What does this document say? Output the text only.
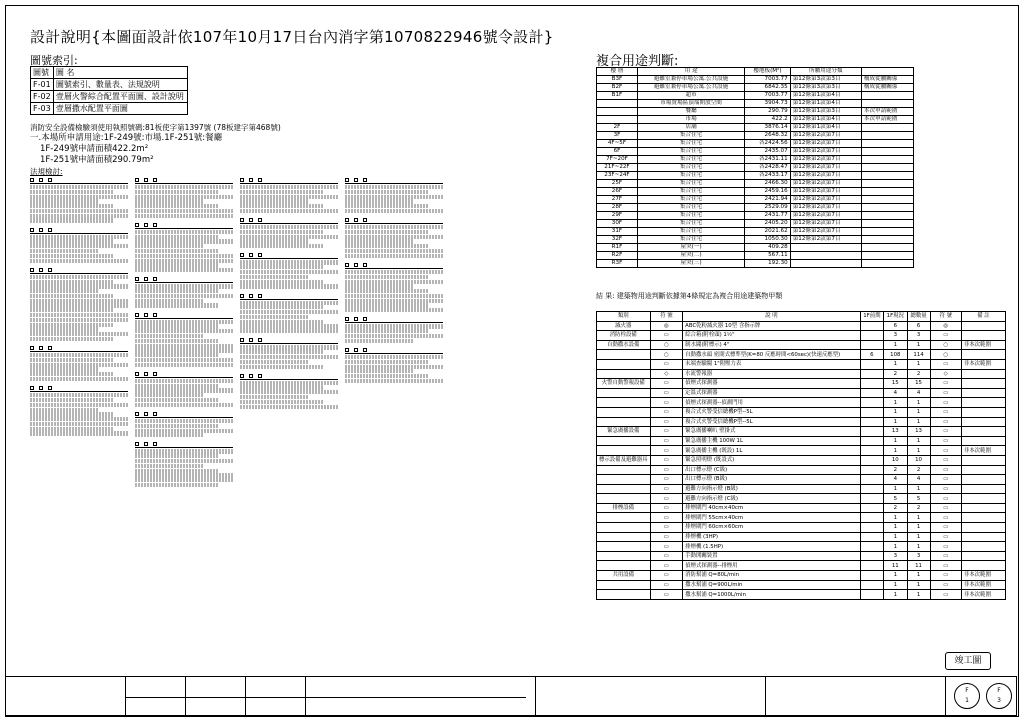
設計說明{本圖面設計依107年10月17日台內消字第1070822946號令設計}
圖號索引:
圖號	圖 名
F-01	圖號索引、數量表、法規說明
F-02	壹層火警綜合配置平面圖、設計說明
F-03	壹層撒水配置平面圖
消防安全設備檢驗須使用執照號碼:81板使字第1397號 (78板建字第468號)
一.本場所申請用途:1F-249號:市場.1F-251號:餐廳
1F-249號申請面積422.2m²
1F-251號申請面積290.79m²
法規檢討:
複合用途判斷:
樓 層	用 途	樓地板(M²)	所屬用途分類	
B3F	避難室兼停車場公寓.公共設施	7003.77	第12條第3款第3目	構成從屬關係
B2F	避難室兼停車場公寓.公共設施	6842.35	第12條第3款第3目	構成從屬關係
B1F	超市	7003.77	第12條第1款第4目	
	市場賣場區頂端開放空間	3904.73	第12條第1款第4目	
	餐廳	290.79	第12條第1款第3目	本次申請範圍
	市場	422.2	第12條第1款第4目	本次申請範圍
2F	店舖	3876.14	第12條第1款第4目	
3F	集合住宅	2648.32	第12條第2款第7目	
4F~5F	集合住宅	各2424.56	第12條第2款第7目	
6F	集合住宅	2435.07	第12條第2款第7目	
7F~20F	集合住宅	各2431.11	第12條第2款第7目	
21F~22F	集合住宅	各2428.47	第12條第2款第7目	
23F~24F	集合住宅	各2433.17	第12條第2款第7目	
25F	集合住宅	2466.30	第12條第2款第7目	
26F	集合住宅	2459.16	第12條第2款第7目	
27F	集合住宅	2421.94	第12條第2款第7目	
28F	集合住宅	2529.09	第12條第2款第7目	
29F	集合住宅	2431.77	第12條第2款第7目	
30F	集合住宅	2405.20	第12條第2款第7目	
31F	集合住宅	2021.62	第12條第2款第7目	
32F	集合住宅	1050.30	第12條第2款第7目	
R1F	屋突(一)	409.28		
R2F	屋突(二)	567.11		
R3F	屋突(三)	192.30		
結 果: 建築物用途判斷依據第4條規定為複合用途建築物甲類
類別	符 號	說 明	1F前期	1F現況	總數量	符 號	備 註
滅火器	◎	ABC乾粉滅火器 10型 含指示牌		6	6	◎	
消防栓設備	▭	綜合箱(附栓頭) 1½"		3	3	▭	
自動撒水設備	○	制水閥(附標示) 4"		1	1	○	非本次範圍
	○	自動撒水頭 密閉式標準型(K=80 反應時間<60sec)(快速反應型)	6	108	114	○	
	▭	末端查驗閥 1"附壓力表		1	1	▭	非本次範圍
	◇	水流警報器		2	2	◇	
火警自動警報設備	▭	偵煙式探測器		15	15	▭	
	▭	定溫式探測器		4	4	▭	
	▭	偵煙式探測器--偵測門用		1	1	▭	
	▭	複合式火警受信總機P型--5L		1	1	▭	
	▭	複合式火警受信總機P型--5L		1	1	▭	
緊急廣播設備	▭	緊急廣播喇叭 壁掛式		13	13	▭	
	▭	緊急廣播主機 100W 1L		1	1	▭	
	▭	緊急廣播主機 (既設) 1L		1	1	▭	非本次範圍
標示設備及避難器具	▭	緊急照明燈 (既設式)		10	10	▭	
	▭	出口標示燈 (C級)		2	2	▭	
	▭	出口標示燈 (B級)		4	4	▭	
	▭	避難方向指示燈 (B級)		1	1	▭	
	▭	避難方向指示燈 (C級)		5	5	▭	
排煙設備	▭	排煙閘門 40cm×40cm		2	2	▭	
	▭	排煙閘門 55cm×40cm		1	1	▭	
	▭	排煙閘門 60cm×60cm		1	1	▭	
	▭	排煙機 (3HP)		1	1	▭	
	▭	排煙機 (1.5HP)		1	1	▭	
	▭	手動開關裝置		3	3	▭	
	▭	偵煙式探測器--排煙用		11	11	▭	
共用設備	▭	消防幫浦 Q=80L/min		1	1	▭	非本次範圍
	▭	撒水幫浦 Q=900L/min		1	1	▭	非本次範圍
	▭	撒水幫浦 Q=1000L/min		1	1	▭	非本次範圍
竣工圖
F
1
F
3
